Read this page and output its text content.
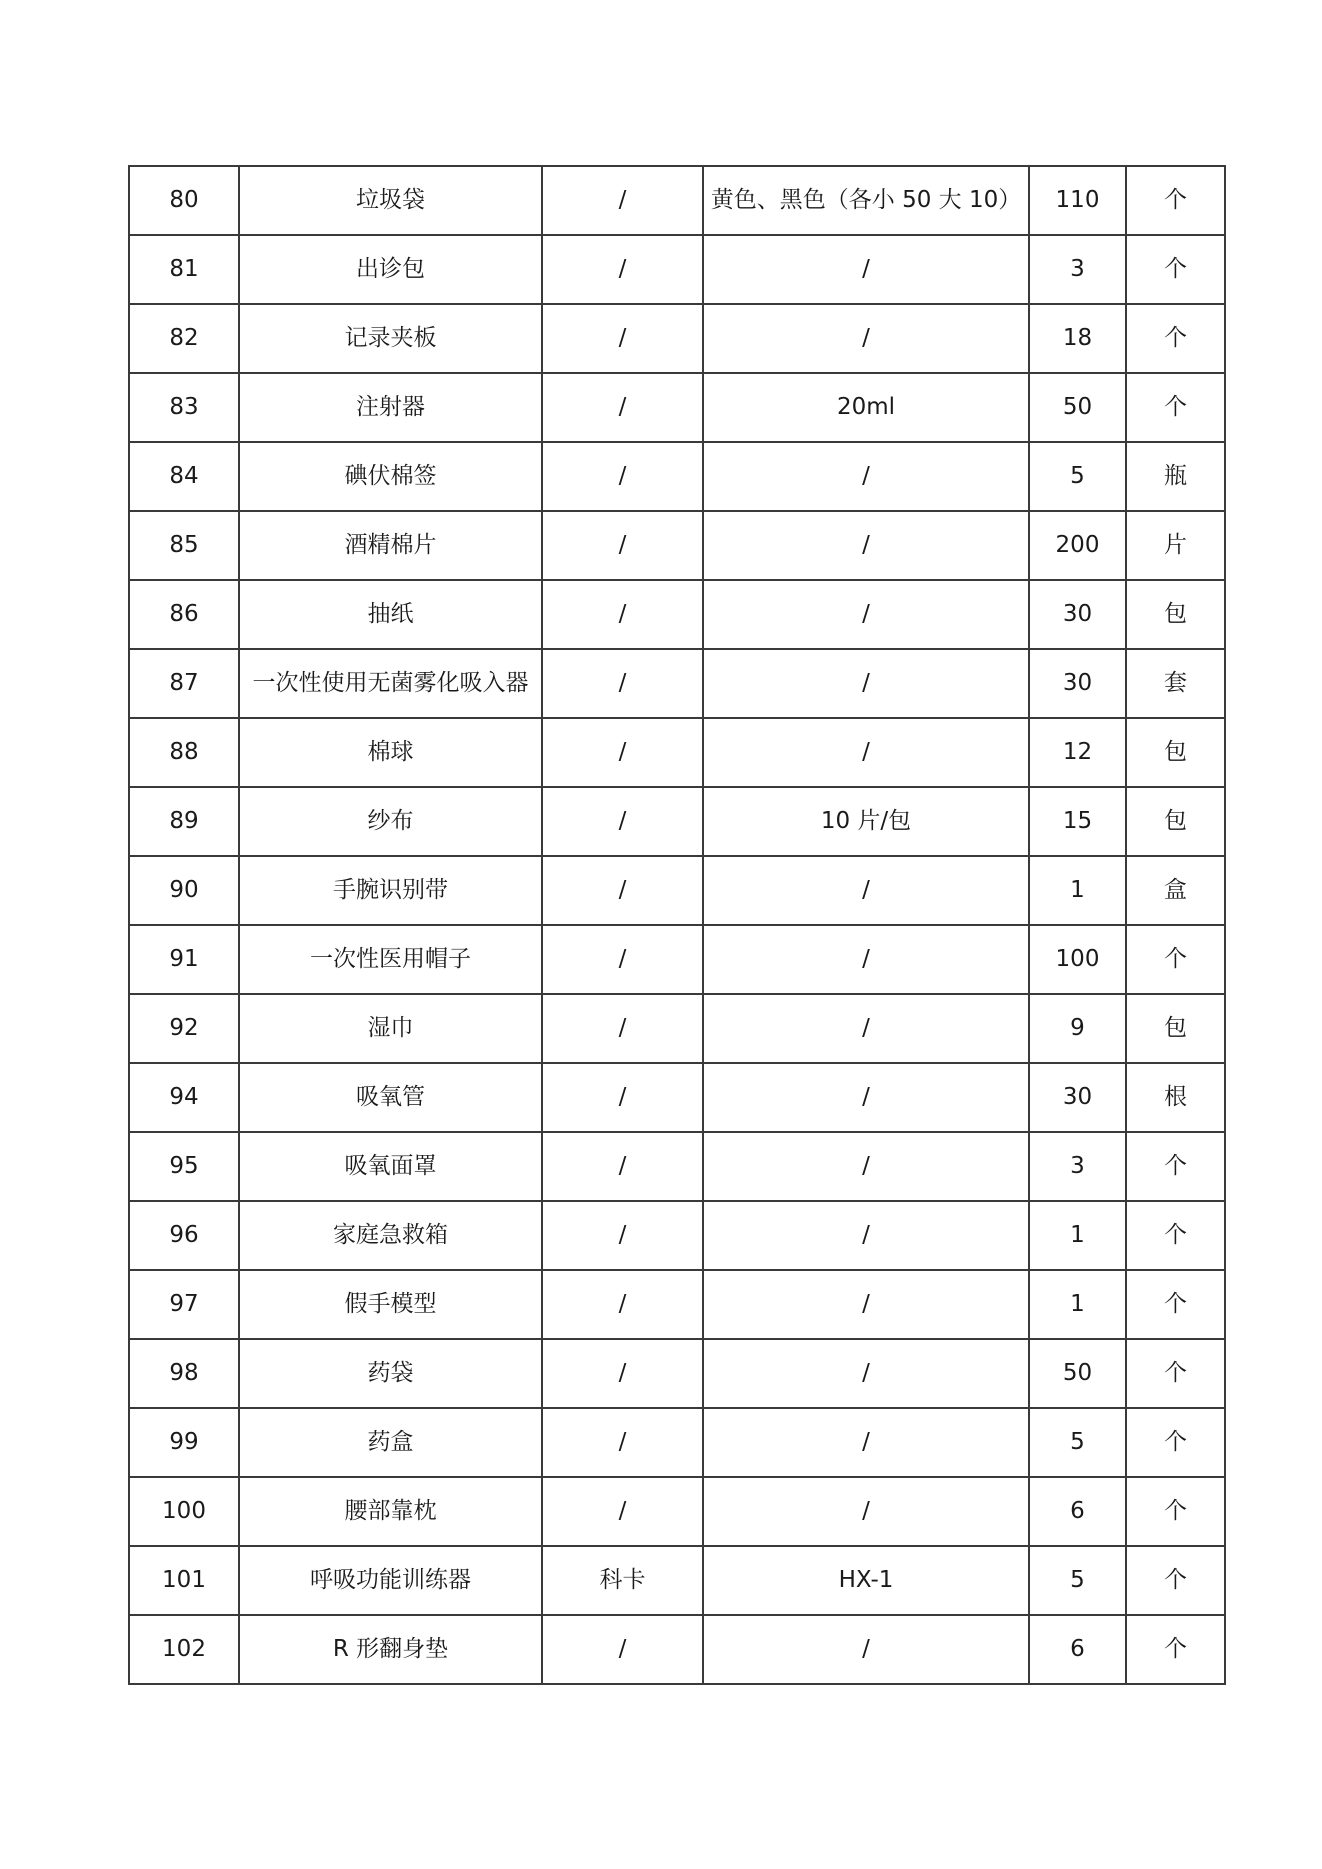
80	垃圾袋	/	黄色、黑色（各小 50 大 10）	110	个
81	出诊包	/	/	3	个
82	记录夹板	/	/	18	个
83	注射器	/	20ml	50	个
84	碘伏棉签	/	/	5	瓶
85	酒精棉片	/	/	200	片
86	抽纸	/	/	30	包
87	一次性使用无菌雾化吸入器	/	/	30	套
88	棉球	/	/	12	包
89	纱布	/	10 片/包	15	包
90	手腕识别带	/	/	1	盒
91	一次性医用帽子	/	/	100	个
92	湿巾	/	/	9	包
94	吸氧管	/	/	30	根
95	吸氧面罩	/	/	3	个
96	家庭急救箱	/	/	1	个
97	假手模型	/	/	1	个
98	药袋	/	/	50	个
99	药盒	/	/	5	个
100	腰部靠枕	/	/	6	个
101	呼吸功能训练器	科卡	HX-1	5	个
102	R 形翻身垫	/	/	6	个
